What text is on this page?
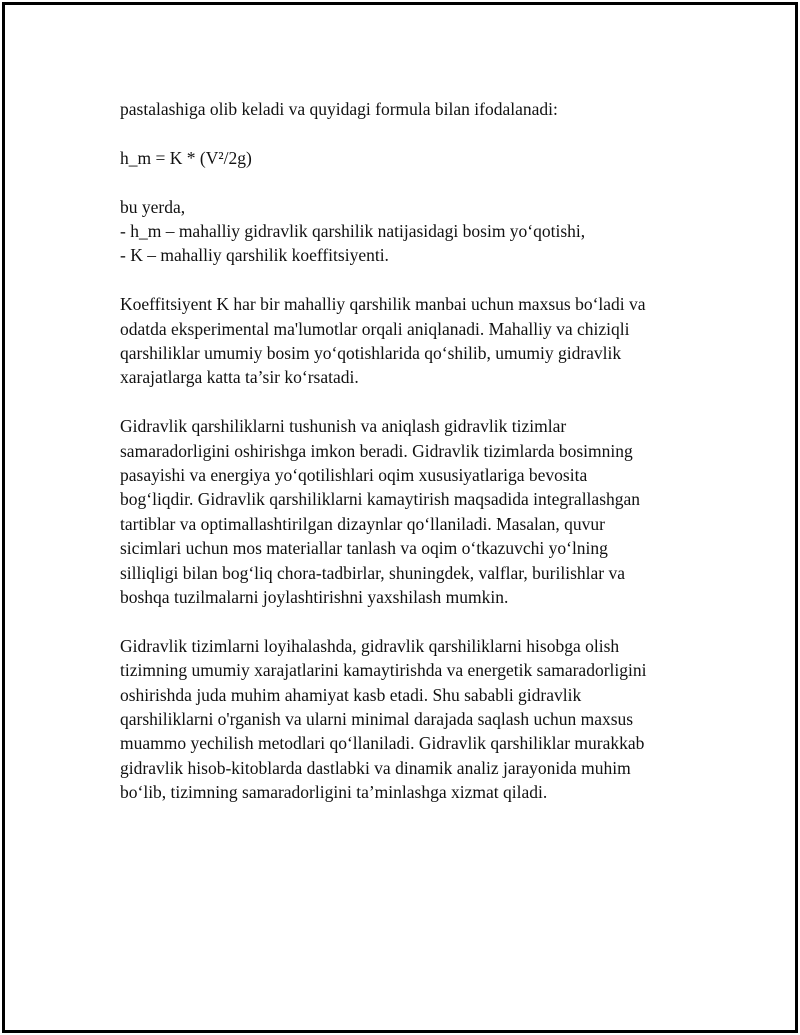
pastalashiga olib keladi va quyidagi formula bilan ifodalanadi:
h_m = K * (V²/2g)
bu yerda,
- h_m – mahalliy gidravlik qarshilik natijasidagi bosim yo‘qotishi,
- K – mahalliy qarshilik koeffitsiyenti.
Koeffitsiyent K har bir mahalliy qarshilik manbai uchun maxsus bo‘ladi va
odatda eksperimental ma'lumotlar orqali aniqlanadi. Mahalliy va chiziqli
qarshiliklar umumiy bosim yo‘qotishlarida qo‘shilib, umumiy gidravlik
xarajatlarga katta ta’sir ko‘rsatadi.
Gidravlik qarshiliklarni tushunish va aniqlash gidravlik tizimlar
samaradorligini oshirishga imkon beradi. Gidravlik tizimlarda bosimning
pasayishi va energiya yo‘qotilishlari oqim xususiyatlariga bevosita
bog‘liqdir. Gidravlik qarshiliklarni kamaytirish maqsadida integrallashgan
tartiblar va optimallashtirilgan dizaynlar qo‘llaniladi. Masalan, quvur
sicimlari uchun mos materiallar tanlash va oqim o‘tkazuvchi yo‘lning
silliqligi bilan bog‘liq chora-tadbirlar, shuningdek, valflar, burilishlar va
boshqa tuzilmalarni joylashtirishni yaxshilash mumkin.
Gidravlik tizimlarni loyihalashda, gidravlik qarshiliklarni hisobga olish
tizimning umumiy xarajatlarini kamaytirishda va energetik samaradorligini
oshirishda juda muhim ahamiyat kasb etadi. Shu sababli gidravlik
qarshiliklarni o'rganish va ularni minimal darajada saqlash uchun maxsus
muammo yechilish metodlari qo‘llaniladi. Gidravlik qarshiliklar murakkab
gidravlik hisob-kitoblarda dastlabki va dinamik analiz jarayonida muhim
bo‘lib, tizimning samaradorligini ta’minlashga xizmat qiladi.
